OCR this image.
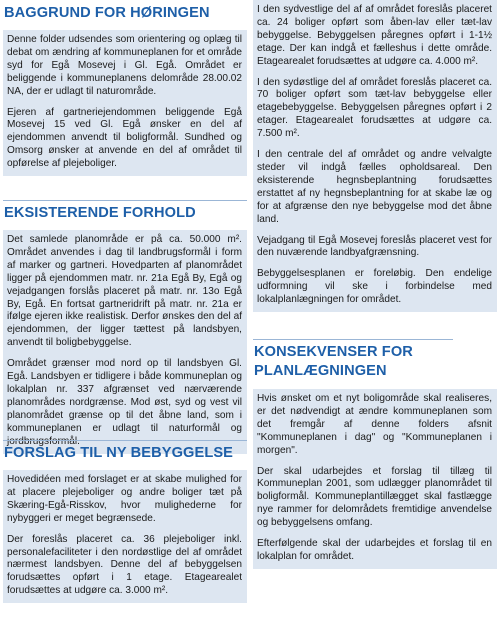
BAGGRUND FOR HØRINGEN

Denne folder udsendes som orientering og oplæg til debat om ændring af kommuneplanen for et område syd for Egå Mosevej i Gl. Egå. Området er beliggende i kommuneplanens delområde 28.00.02 NA, der er udlagt til naturområde.

Ejeren af gartneriejendommen beliggende Egå Mosevej 15 ved Gl. Egå ønsker en del af ejendommen anvendt til boligformål. Sundhed og Omsorg ønsker at anvende en del af området til opførelse af plejeboliger.

EKSISTERENDE FORHOLD

Det samlede planområde er på ca. 50.000 m². Området anvendes i dag til landbrugsformål i form af marker og gartneri. Hovedparten af planområdet ligger på ejendommen matr. nr. 21a Egå By, Egå og vejadgangen forslås placeret på matr. nr. 13o Egå By, Egå. En fortsat gartneridrift på matr. nr. 21a er ifølge ejeren ikke realistisk. Derfor ønskes den del af ejendommen, der ligger tættest på landsbyen, anvendt til boligbebyggelse.

Området grænser mod nord op til landsbyen Gl. Egå. Landsbyen er tidligere i både kommuneplan og lokalplan nr. 337 afgrænset ved nærværende planområdes nordgrænse. Mod øst, syd og vest vil planområdet grænse op til det åbne land, som i kommuneplanen er udlagt til naturformål og jordbrugsformål.

FORSLAG TIL NY BEBYGGELSE

Hovedidéen med forslaget er at skabe mulighed for at placere plejeboliger og andre boliger tæt på Skæring-Egå-Risskov, hvor mulighederne for nybyggeri er meget begrænsede.

Der foreslås placeret ca. 36 plejeboliger inkl. personalefaciliteter i den nordøstlige del af området nærmest landsbyen. Denne del af bebyggelsen forudsættes opført i 1 etage. Etagearealet forudsættes at udgøre ca. 3.000 m².

I den sydvestlige del af af området foreslås placeret ca. 24 boliger opført som åben-lav eller tæt-lav bebyggelse. Bebyggelsen påregnes opført i 1-1½ etage. Der kan indgå et fælleshus i dette område. Etagearealet forudsættes at udgøre ca. 4.000 m².

I den sydøstlige del af området foreslås placeret ca. 70 boliger opført som tæt-lav bebyggelse eller etagebebyggelse. Bebyggelsen påregnes opført i 2 etager. Etagearealet forudsættes at udgøre ca. 7.500 m².

I den centrale del af området og andre velvalgte steder vil indgå fælles opholdsareal. Den eksisterende hegnsbeplantning forudsættes erstattet af ny hegnsbeplantning for at skabe læ og for at afgrænse den nye bebyggelse mod det åbne land.

Vejadgang til Egå Mosevej foreslås placeret vest for den nuværende landbyafgrænsning.

Bebyggelsesplanen er foreløbig. Den endelige udformning vil ske i forbindelse med lokalplanlægningen for området.

KONSEKVENSER FOR PLANLÆGNINGEN

Hvis ønsket om et nyt boligområde skal realiseres, er det nødvendigt at ændre kommuneplanen som det fremgår af denne folders afsnit "Kommuneplanen i dag" og "Kommuneplanen i morgen".

Der skal udarbejdes et forslag til tillæg til Kommuneplan 2001, som udlægger planområdet til boligformål. Kommuneplantillægget skal fastlægge nye rammer for delområdets fremtidige anvendelse og bebyggelsens omfang.

Efterfølgende skal der udarbejdes et forslag til en lokalplan for området.
